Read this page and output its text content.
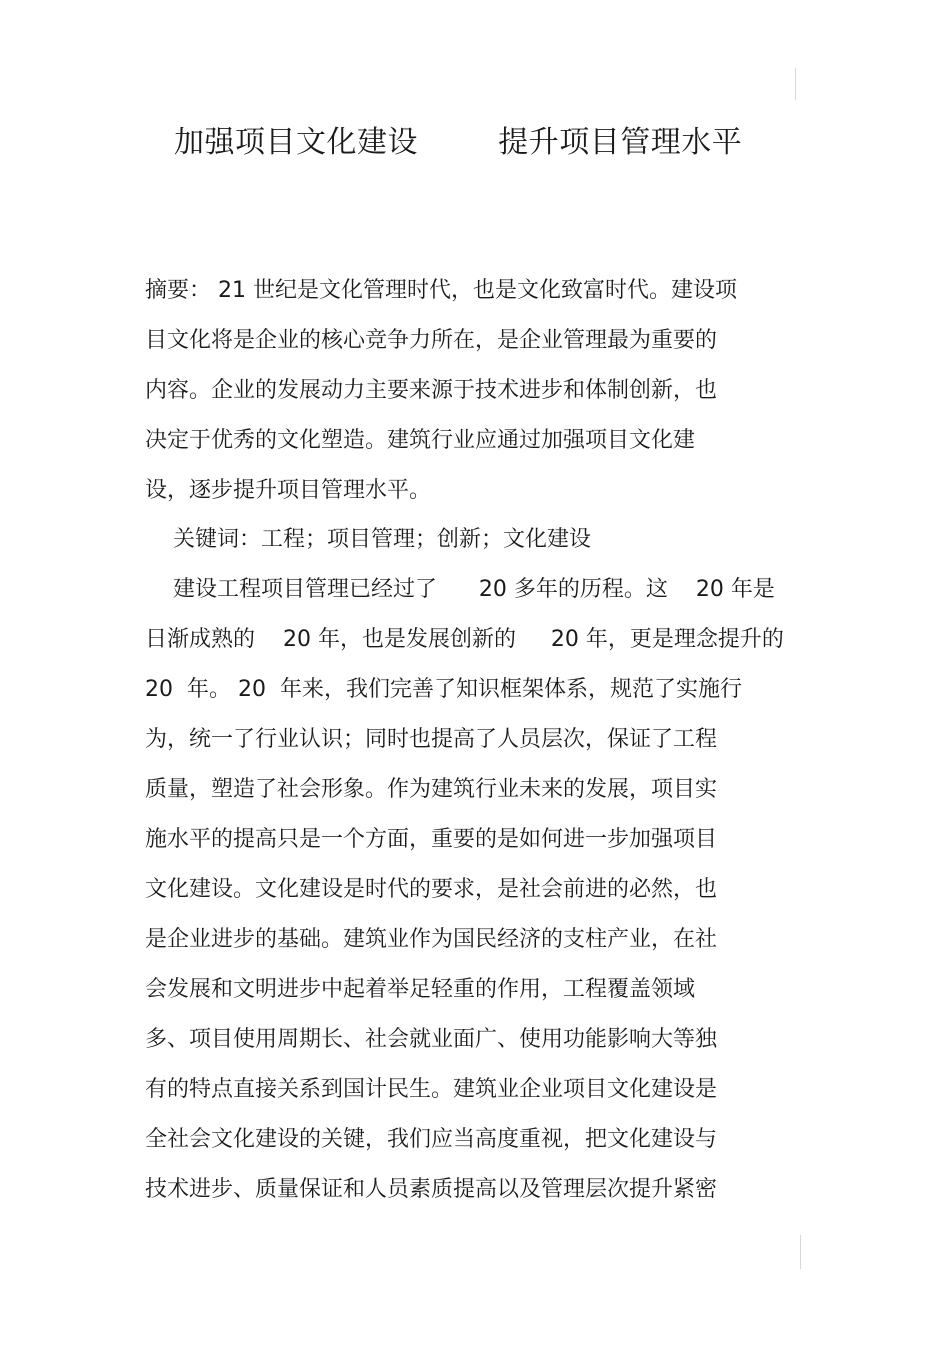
加强项目文化建设        提升项目管理水平
摘要： 21 世纪是文化管理时代，也是文化致富时代。建设项
目文化将是企业的核心竞争力所在，是企业管理最为重要的
内容。企业的发展动力主要来源于技术进步和体制创新，也
决定于优秀的文化塑造。建筑行业应通过加强项目文化建
设，逐步提升项目管理水平。
关键词：工程；项目管理；创新；文化建设
建设工程项目管理已经过了      20 多年的历程。这    20 年是
日渐成熟的    20 年，也是发展创新的     20 年，更是理念提升的
20  年。 20  年来，我们完善了知识框架体系，规范了实施行
为，统一了行业认识；同时也提高了人员层次，保证了工程
质量，塑造了社会形象。作为建筑行业未来的发展，项目实
施水平的提高只是一个方面，重要的是如何进一步加强项目
文化建设。文化建设是时代的要求，是社会前进的必然，也
是企业进步的基础。建筑业作为国民经济的支柱产业，在社
会发展和文明进步中起着举足轻重的作用，工程覆盖领域
多、项目使用周期长、社会就业面广、使用功能影响大等独
有的特点直接关系到国计民生。建筑业企业项目文化建设是
全社会文化建设的关键，我们应当高度重视，把文化建设与
技术进步、质量保证和人员素质提高以及管理层次提升紧密
